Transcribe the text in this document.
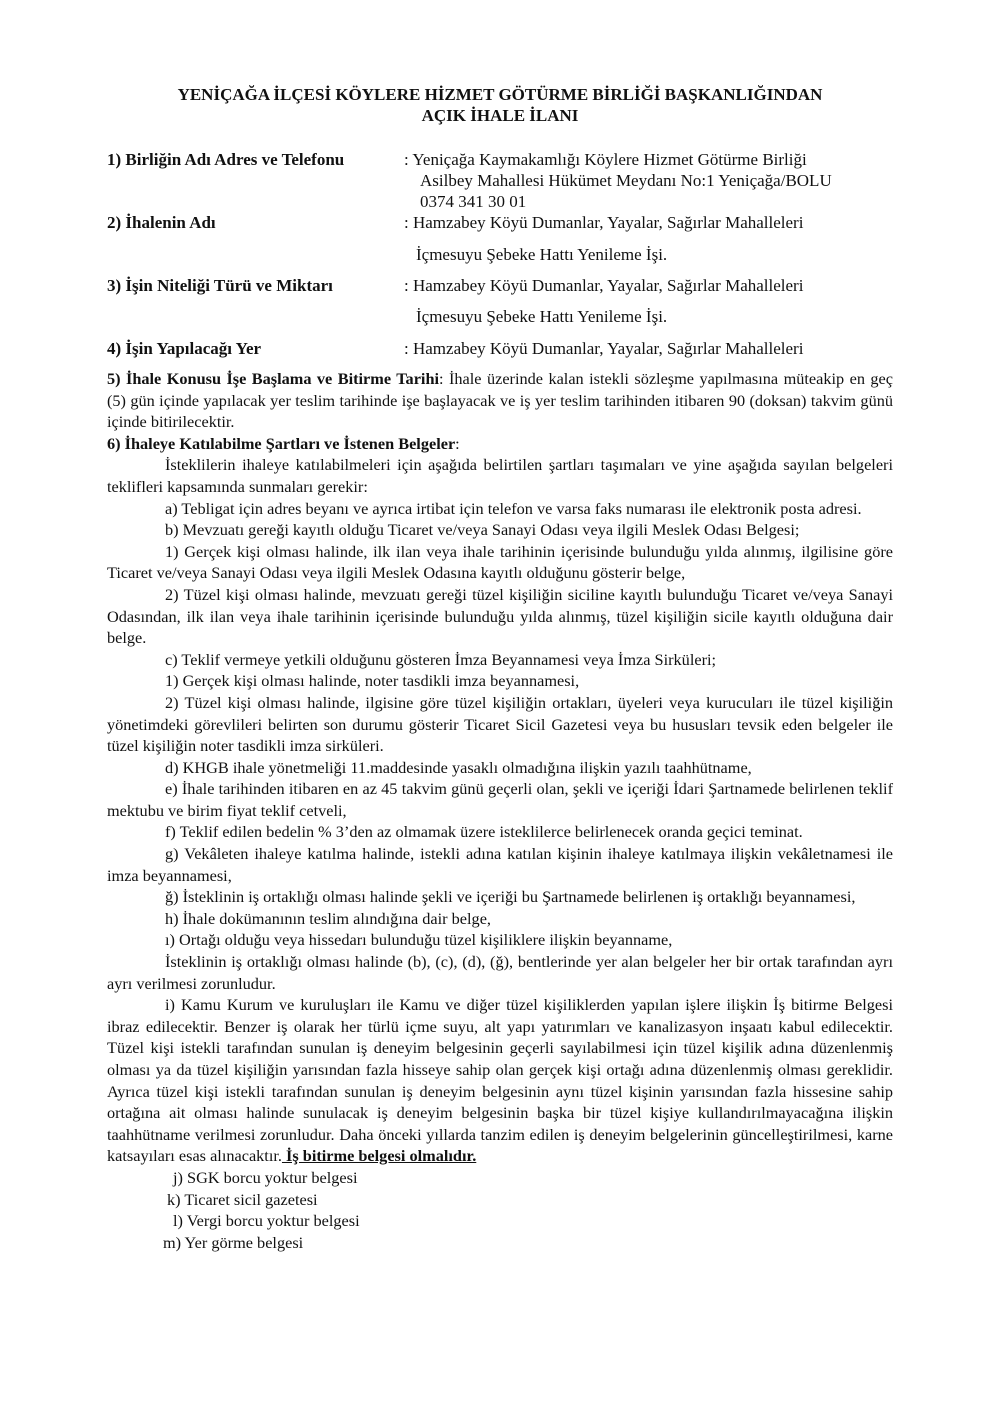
YENİÇAĞA İLÇESİ KÖYLERE HİZMET GÖTÜRME BİRLİĞİ BAŞKANLIĞINDAN
AÇIK İHALE İLANI
1) Birliğin Adı Adres ve Telefonu	: Yeniçağa Kaymakamlığı Köylere Hizmet Götürme Birliği
Asilbey Mahallesi Hükümet Meydanı No:1 Yeniçağa/BOLU
0374 341 30 01
2) İhalenin Adı	: Hamzabey Köyü Dumanlar, Yayalar, Sağırlar Mahalleleri
İçmesuyu Şebeke Hattı Yenileme İşi.
3) İşin Niteliği Türü ve Miktarı	: Hamzabey Köyü Dumanlar, Yayalar, Sağırlar Mahalleleri
İçmesuyu Şebeke Hattı Yenileme İşi.
4) İşin Yapılacağı Yer	: Hamzabey Köyü Dumanlar, Yayalar, Sağırlar Mahalleleri

5) İhale Konusu İşe Başlama ve Bitirme Tarihi: İhale üzerinde kalan istekli sözleşme yapılmasına müteakip en geç (5) gün içinde yapılacak yer teslim tarihinde işe başlayacak ve iş yer teslim tarihinden itibaren 90 (doksan) takvim günü içinde bitirilecektir.

6) İhaleye Katılabilme Şartları ve İstenen Belgeler:

İsteklilerin ihaleye katılabilmeleri için aşağıda belirtilen şartları taşımaları ve yine aşağıda sayılan belgeleri teklifleri kapsamında sunmaları gerekir:

a) Tebligat için adres beyanı ve ayrıca irtibat için telefon ve varsa faks numarası ile elektronik posta adresi.

b) Mevzuatı gereği kayıtlı olduğu Ticaret ve/veya Sanayi Odası veya ilgili Meslek Odası Belgesi;

1) Gerçek kişi olması halinde, ilk ilan veya ihale tarihinin içerisinde bulunduğu yılda alınmış, ilgilisine göre Ticaret ve/veya Sanayi Odası veya ilgili Meslek Odasına kayıtlı olduğunu gösterir belge,

2) Tüzel kişi olması halinde, mevzuatı gereği tüzel kişiliğin siciline kayıtlı bulunduğu Ticaret ve/veya Sanayi Odasından, ilk ilan veya ihale tarihinin içerisinde bulunduğu yılda alınmış, tüzel kişiliğin sicile kayıtlı olduğuna dair belge.

c) Teklif vermeye yetkili olduğunu gösteren İmza Beyannamesi veya İmza Sirküleri;

1) Gerçek kişi olması halinde, noter tasdikli imza beyannamesi,

2) Tüzel kişi olması halinde, ilgisine göre tüzel kişiliğin ortakları, üyeleri veya kurucuları ile tüzel kişiliğin yönetimdeki görevlileri belirten son durumu gösterir Ticaret Sicil Gazetesi veya bu hususları tevsik eden belgeler ile tüzel kişiliğin noter tasdikli imza sirküleri.

d) KHGB ihale yönetmeliği 11.maddesinde yasaklı olmadığına ilişkin yazılı taahhütname,

e) İhale tarihinden itibaren en az 45 takvim günü geçerli olan, şekli ve içeriği İdari Şartnamede belirlenen teklif mektubu ve birim fiyat teklif cetveli,

f) Teklif edilen bedelin % 3’den az olmamak üzere isteklilerce belirlenecek oranda geçici teminat.

g) Vekâleten ihaleye katılma halinde, istekli adına katılan kişinin ihaleye katılmaya ilişkin vekâletnamesi ile imza beyannamesi,

ğ) İsteklinin iş ortaklığı olması halinde şekli ve içeriği bu Şartnamede belirlenen iş ortaklığı beyannamesi,

h) İhale dokümanının teslim alındığına dair belge,

ı) Ortağı olduğu veya hissedarı bulunduğu tüzel kişiliklere ilişkin beyanname,

İsteklinin iş ortaklığı olması halinde (b), (c), (d), (ğ), bentlerinde yer alan belgeler her bir ortak tarafından ayrı ayrı verilmesi zorunludur.

i) Kamu Kurum ve kuruluşları ile Kamu ve diğer tüzel kişiliklerden yapılan işlere ilişkin İş bitirme Belgesi ibraz edilecektir. Benzer iş olarak her türlü içme suyu, alt yapı yatırımları ve kanalizasyon inşaatı kabul edilecektir. Tüzel kişi istekli tarafından sunulan iş deneyim belgesinin geçerli sayılabilmesi için tüzel kişilik adına düzenlenmiş olması ya da tüzel kişiliğin yarısından fazla hisseye sahip olan gerçek kişi ortağı adına düzenlenmiş olması gereklidir. Ayrıca tüzel kişi istekli tarafından sunulan iş deneyim belgesinin aynı tüzel kişinin yarısından fazla hissesine sahip ortağına ait olması halinde sunulacak iş deneyim belgesinin başka bir tüzel kişiye kullandırılmayacağına ilişkin taahhütname verilmesi zorunludur. Daha önceki yıllarda tanzim edilen iş deneyim belgelerinin güncelleştirilmesi, karne katsayıları esas alınacaktır. İş bitirme belgesi olmalıdır.

j) SGK borcu yoktur belgesi

k) Ticaret sicil gazetesi

l) Vergi borcu yoktur belgesi

m) Yer görme belgesi
